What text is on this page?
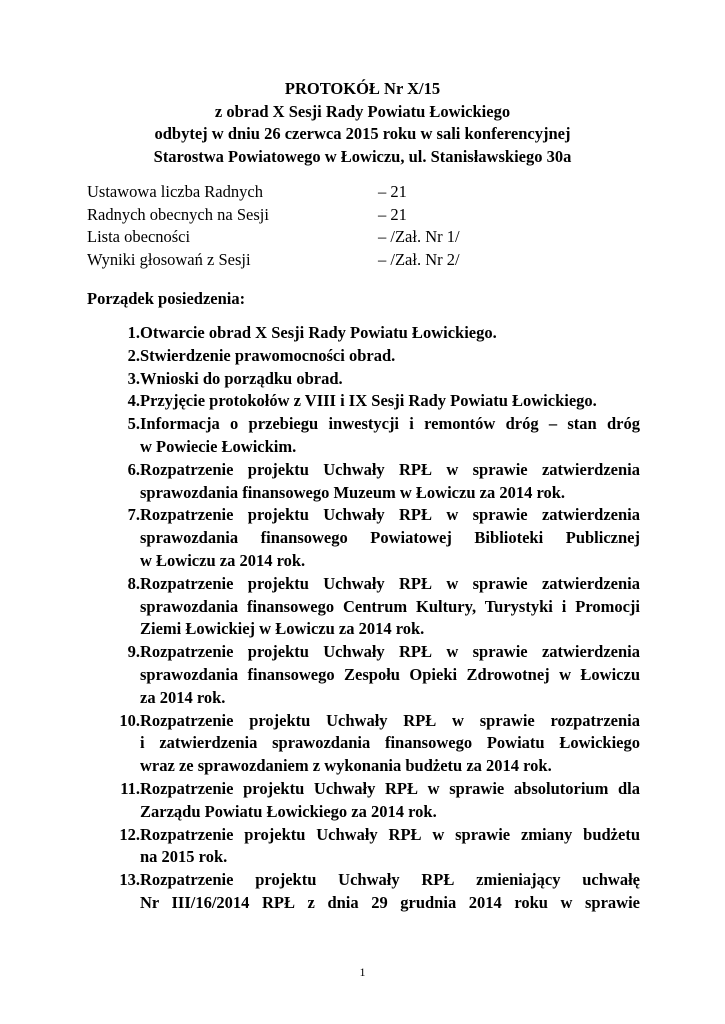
PROTOKÓŁ Nr X/15
z obrad X Sesji Rady Powiatu Łowickiego
odbytej w dniu 26 czerwca 2015 roku w sali konferencyjnej
Starostwa Powiatowego w Łowiczu, ul. Stanisławskiego 30a
Ustawowa liczba Radnych	– 21
Radnych obecnych na Sesji	– 21
Lista obecności	– /Zał. Nr 1/
Wyniki głosowań z Sesji	– /Zał. Nr 2/
Porządek posiedzenia:
1. Otwarcie obrad X Sesji Rady Powiatu Łowickiego.
2. Stwierdzenie prawomocności obrad.
3. Wnioski do porządku obrad.
4. Przyjęcie protokołów z VIII i IX Sesji Rady Powiatu Łowickiego.
5. Informacja o przebiegu inwestycji i remontów dróg – stan dróg
w Powiecie Łowickim.
6. Rozpatrzenie projektu Uchwały RPŁ w sprawie zatwierdzenia
sprawozdania finansowego Muzeum w Łowiczu za 2014 rok.
7. Rozpatrzenie projektu Uchwały RPŁ w sprawie zatwierdzenia
sprawozdania finansowego Powiatowej Biblioteki Publicznej
w Łowiczu za 2014 rok.
8. Rozpatrzenie projektu Uchwały RPŁ w sprawie zatwierdzenia
sprawozdania finansowego Centrum Kultury, Turystyki i Promocji
Ziemi Łowickiej w Łowiczu za 2014 rok.
9. Rozpatrzenie projektu Uchwały RPŁ w sprawie zatwierdzenia
sprawozdania finansowego Zespołu Opieki Zdrowotnej w Łowiczu
za 2014 rok.
10. Rozpatrzenie projektu Uchwały RPŁ w sprawie rozpatrzenia
i zatwierdzenia sprawozdania finansowego Powiatu Łowickiego
wraz ze sprawozdaniem z wykonania budżetu za 2014 rok.
11. Rozpatrzenie projektu Uchwały RPŁ w sprawie absolutorium dla
Zarządu Powiatu Łowickiego za 2014 rok.
12. Rozpatrzenie projektu Uchwały RPŁ w sprawie zmiany budżetu
na 2015 rok.
13. Rozpatrzenie projektu Uchwały RPŁ zmieniający uchwałę
Nr III/16/2014 RPŁ z dnia 29 grudnia 2014 roku w sprawie
1
